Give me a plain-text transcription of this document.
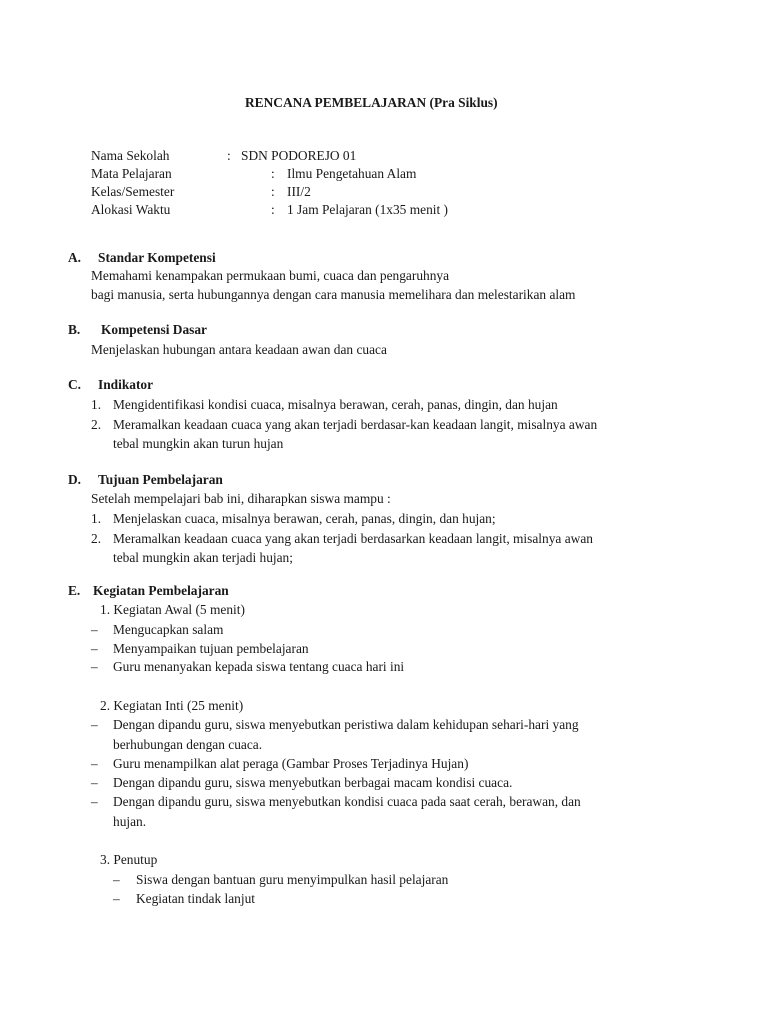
RENCANA PEMBELAJARAN (Pra Siklus)
Nama Sekolah	: SDN PODOREJO 01
Mata Pelajaran	: Ilmu Pengetahuan Alam
Kelas/Semester	: III/2
Alokasi Waktu	: 1 Jam Pelajaran (1x35 menit )
A. Standar Kompetensi
Memahami kenampakan permukaan bumi, cuaca dan pengaruhnya
bagi manusia, serta hubungannya dengan cara manusia memelihara dan melestarikan alam
B. Kompetensi Dasar
Menjelaskan hubungan antara keadaan awan dan cuaca
C. Indikator
1. Mengidentifikasi kondisi cuaca, misalnya berawan, cerah, panas, dingin, dan hujan
2. Meramalkan keadaan cuaca yang akan terjadi berdasar-kan keadaan langit, misalnya awan
tebal mungkin akan turun hujan
D. Tujuan Pembelajaran
Setelah mempelajari bab ini, diharapkan siswa mampu :
1. Menjelaskan cuaca, misalnya berawan, cerah, panas, dingin, dan hujan;
2. Meramalkan keadaan cuaca yang akan terjadi berdasarkan keadaan langit, misalnya awan
tebal mungkin akan terjadi hujan;
E. Kegiatan Pembelajaran
1. Kegiatan Awal (5 menit)
– Mengucapkan salam
– Menyampaikan tujuan pembelajaran
– Guru menanyakan kepada siswa tentang cuaca hari ini
2. Kegiatan Inti (25 menit)
– Dengan dipandu guru, siswa menyebutkan peristiwa dalam kehidupan sehari-hari yang
berhubungan dengan cuaca.
– Guru menampilkan alat peraga (Gambar Proses Terjadinya Hujan)
– Dengan dipandu guru, siswa menyebutkan berbagai macam kondisi cuaca.
– Dengan dipandu guru, siswa menyebutkan kondisi cuaca pada saat cerah, berawan, dan
hujan.
3. Penutup
– Siswa dengan bantuan guru menyimpulkan hasil pelajaran
– Kegiatan tindak lanjut
